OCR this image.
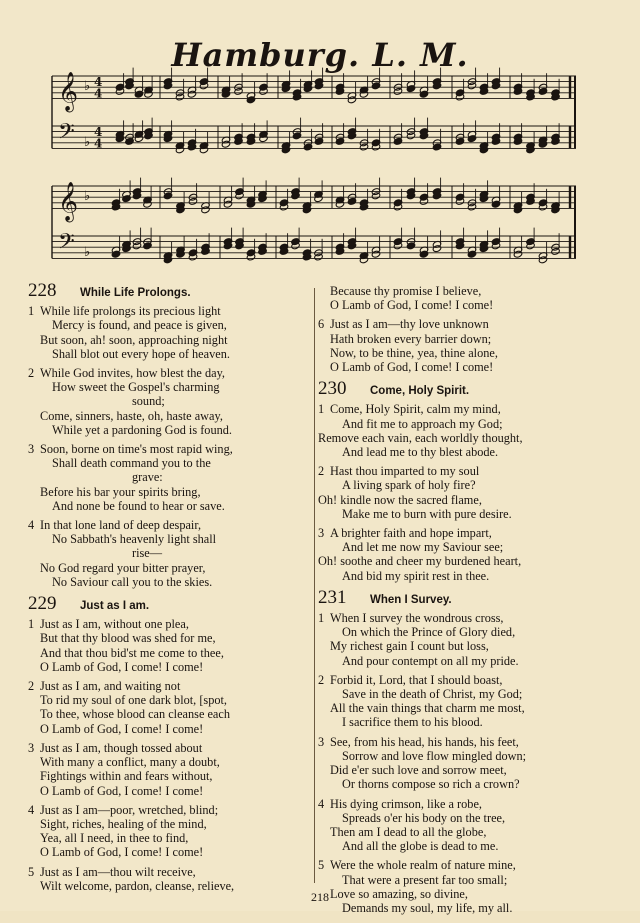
Hamburg. L. M.
𝄞 ♭ 4
4
𝄢 ♭
4
4
𝄞 ♭
𝄢 ♭
228	While Life Prolongs.
1 While life prolongs its precious light
Mercy is found, and peace is given,
But soon, ah! soon, approaching night
Shall blot out every hope of heaven.
2 While God invites, how blest the day,
How sweet the Gospel's charming
sound;
Come, sinners, haste, oh, haste away,
While yet a pardoning God is found.
3 Soon, borne on time's most rapid wing,
Shall death command you to the
grave:
Before his bar your spirits bring,
And none be found to hear or save.
4 In that lone land of deep despair,
No Sabbath's heavenly light shall
rise—
No God regard your bitter prayer,
No Saviour call you to the skies.
229	Just as I am.
1 Just as I am, without one plea,
But that thy blood was shed for me,
And that thou bid'st me come to thee,
O Lamb of God, I come! I come!
2 Just as I am, and waiting not
To rid my soul of one dark blot, [spot,
To thee, whose blood can cleanse each
O Lamb of God, I come! I come!
3 Just as I am, though tossed about
With many a conflict, many a doubt,
Fightings within and fears without,
O Lamb of God, I come! I come!
4 Just as I am—poor, wretched, blind;
Sight, riches, healing of the mind,
Yea, all I need, in thee to find,
O Lamb of God, I come! I come!
5 Just as I am—thou wilt receive,
Wilt welcome, pardon, cleanse, relieve,
Because thy promise I believe,
O Lamb of God, I come! I come!
6 Just as I am—thy love unknown
Hath broken every barrier down;
Now, to be thine, yea, thine alone,
O Lamb of God, I come! I come!
230	Come, Holy Spirit.
1 Come, Holy Spirit, calm my mind,
And fit me to approach my God;
Remove each vain, each worldly thought,
And lead me to thy blest abode.
2 Hast thou imparted to my soul
A living spark of holy fire?
Oh! kindle now the sacred flame,
Make me to burn with pure desire.
3 A brighter faith and hope impart,
And let me now my Saviour see;
Oh! soothe and cheer my burdened heart,
And bid my spirit rest in thee.
231	When I Survey.
1 When I survey the wondrous cross,
On which the Prince of Glory died,
My richest gain I count but loss,
And pour contempt on all my pride.
2 Forbid it, Lord, that I should boast,
Save in the death of Christ, my God;
All the vain things that charm me most,
I sacrifice them to his blood.
3 See, from his head, his hands, his feet,
Sorrow and love flow mingled down;
Did e'er such love and sorrow meet,
Or thorns compose so rich a crown?
4 His dying crimson, like a robe,
Spreads o'er his body on the tree,
Then am I dead to all the globe,
And all the globe is dead to me.
5 Were the whole realm of nature mine,
That were a present far too small;
Love so amazing, so divine,
Demands my soul, my life, my all.
218
